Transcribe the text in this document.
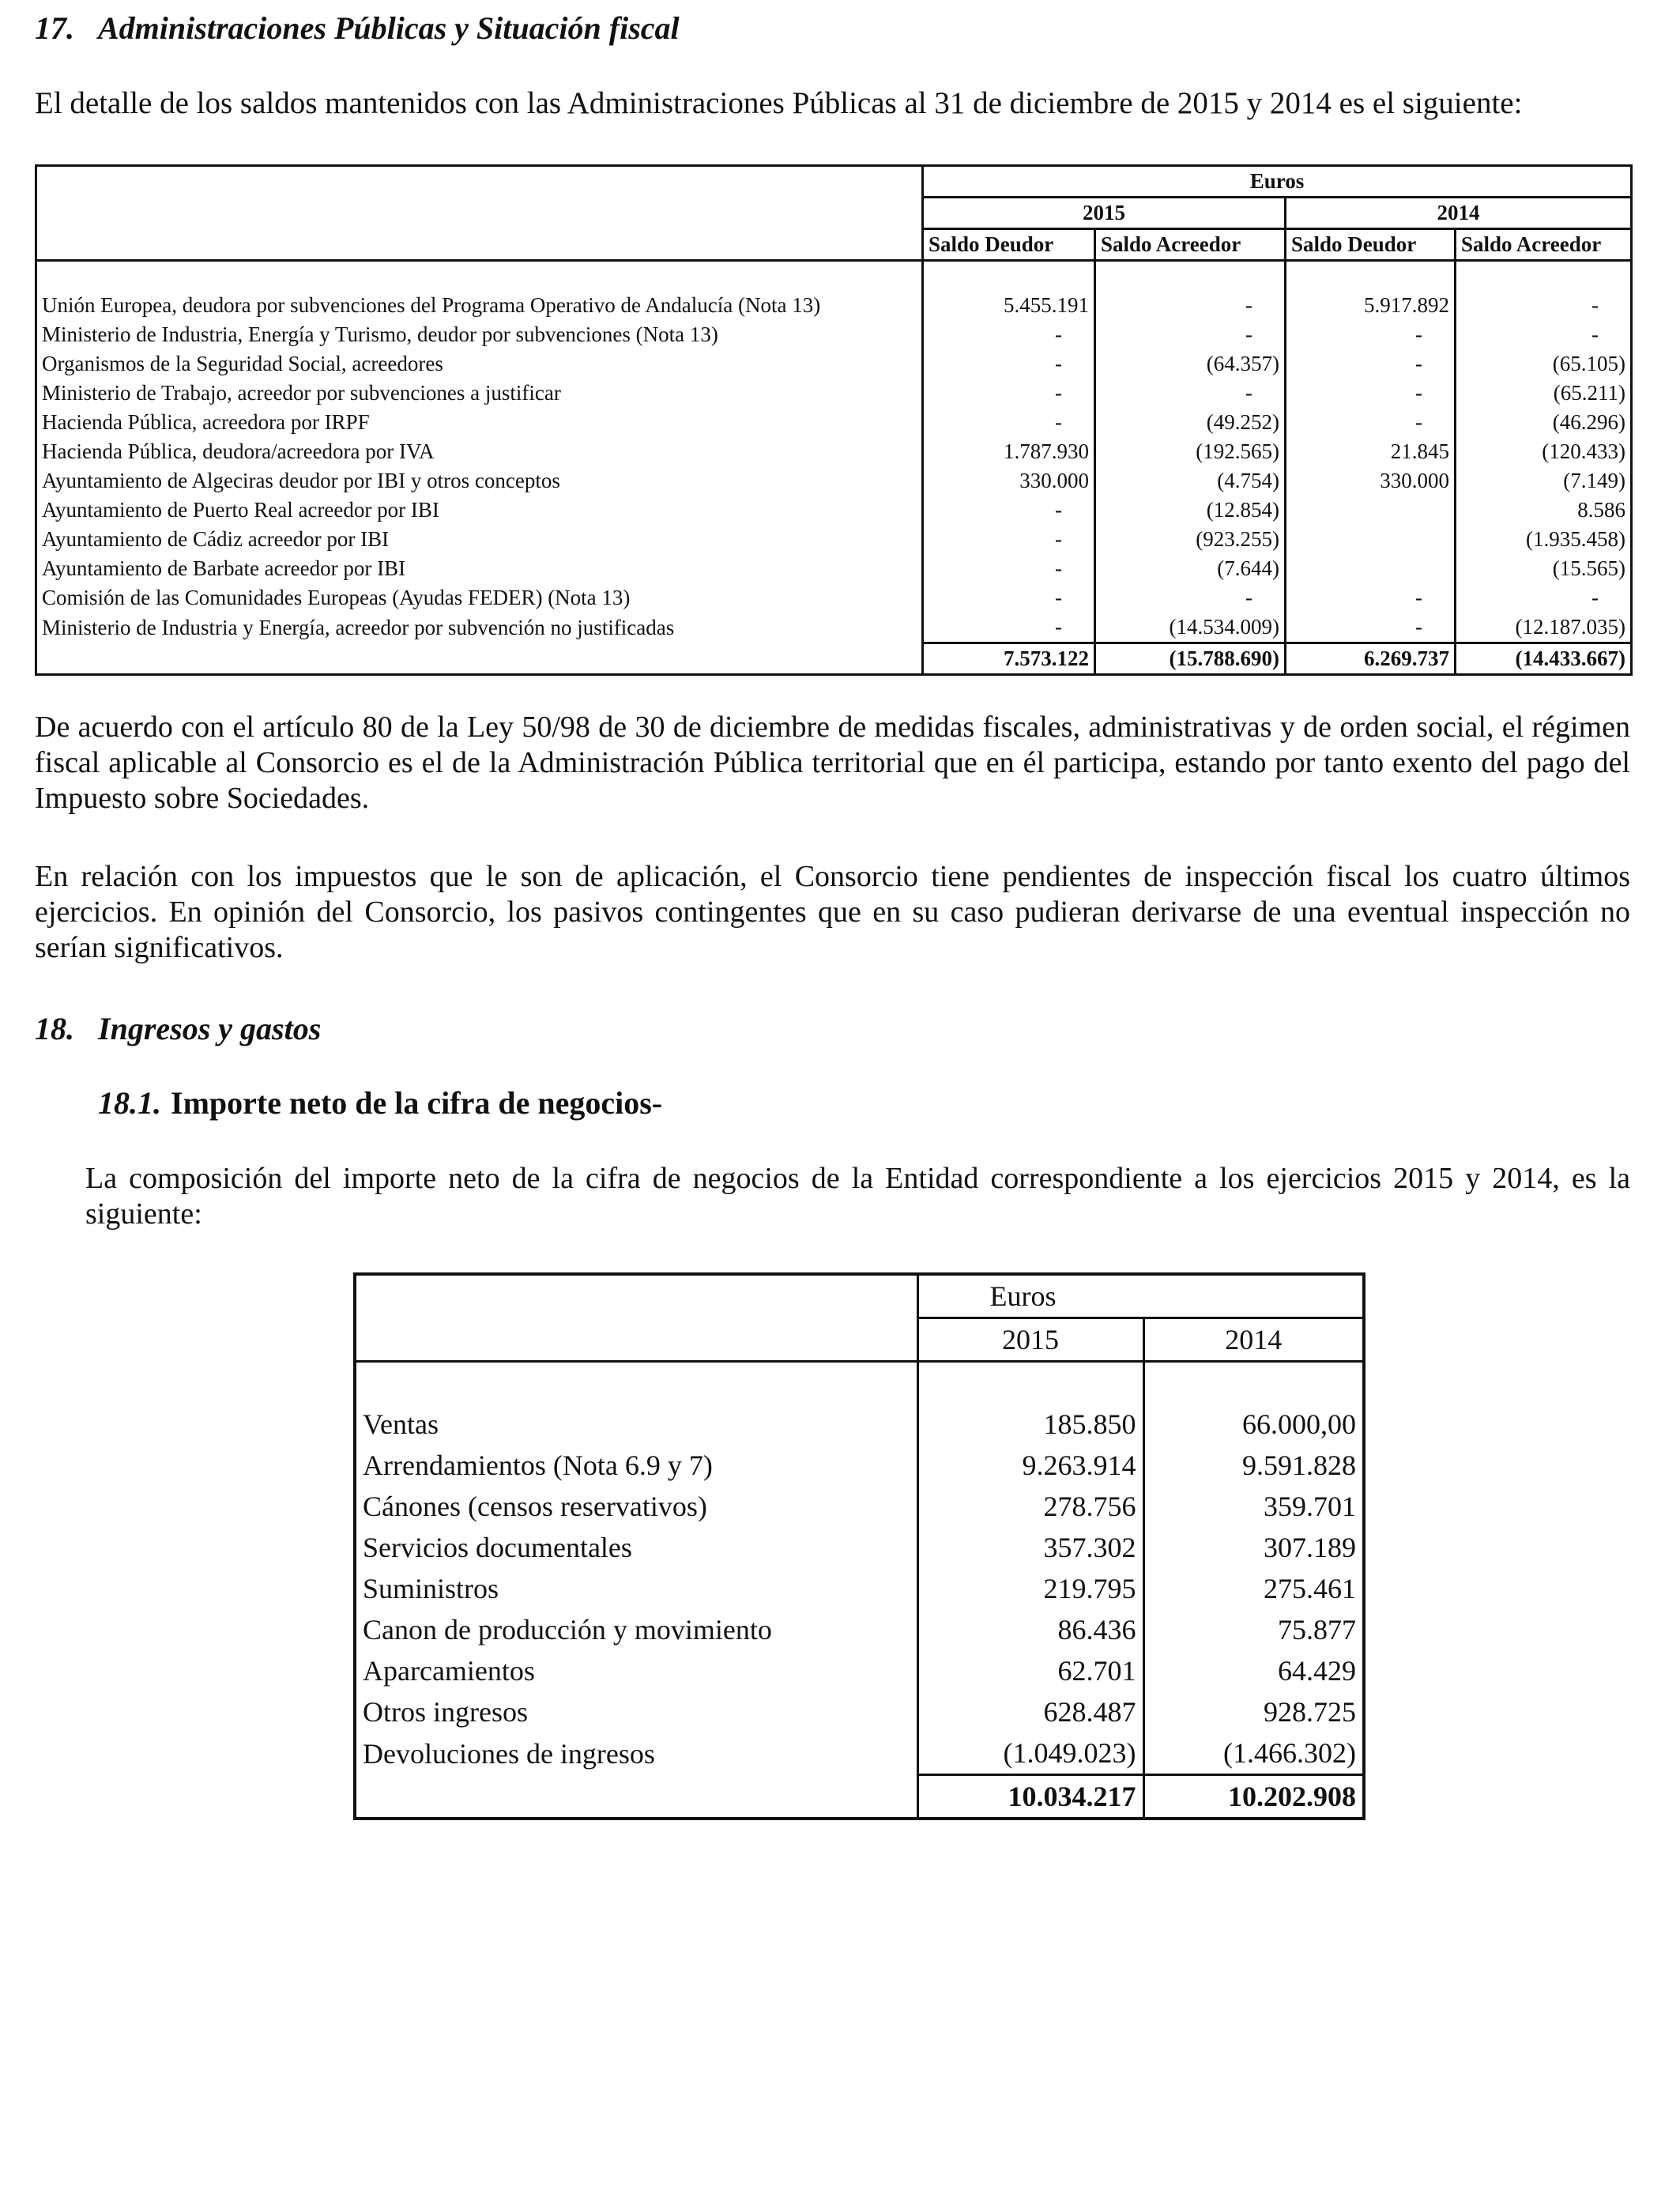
17. Administraciones Públicas y Situación fiscal
El detalle de los saldos mantenidos con las Administraciones Públicas al 31 de diciembre de 2015 y 2014 es el siguiente:
	Euros			
	2015		2014	
	Saldo Deudor	Saldo Acreedor	Saldo Deudor	Saldo Acreedor

Unión Europea, deudora por subvenciones del Programa Operativo de Andalucía (Nota 13)	5.455.191	-	5.917.892	-
Ministerio de Industria, Energía y Turismo, deudor por subvenciones (Nota 13)	-	-	-	-
Organismos de la Seguridad Social, acreedores	-	(64.357)	-	(65.105)
Ministerio de Trabajo, acreedor por subvenciones a justificar	-	-	-	(65.211)
Hacienda Pública, acreedora por IRPF	-	(49.252)	-	(46.296)
Hacienda Pública, deudora/acreedora por IVA	1.787.930	(192.565)	21.845	(120.433)
Ayuntamiento de Algeciras deudor por IBI y otros conceptos	330.000	(4.754)	330.000	(7.149)
Ayuntamiento de Puerto Real acreedor por IBI	-	(12.854)		8.586
Ayuntamiento de Cádiz acreedor por IBI	-	(923.255)		(1.935.458)
Ayuntamiento de Barbate acreedor por IBI	-	(7.644)		(15.565)
Comisión de las Comunidades Europeas (Ayudas FEDER) (Nota 13)	-	-	-	-
Ministerio de Industria y Energía, acreedor por subvención no justificadas	-	(14.534.009)	-	(12.187.035)
	7.573.122	(15.788.690)	6.269.737	(14.433.667)
De acuerdo con el artículo 80 de la Ley 50/98 de 30 de diciembre de medidas fiscales, administrativas y de orden social, el régimen fiscal aplicable al Consorcio es el de la Administración Pública territorial que en él participa, estando por tanto exento del pago del Impuesto sobre Sociedades.
En relación con los impuestos que le son de aplicación, el Consorcio tiene pendientes de inspección fiscal los cuatro últimos ejercicios. En opinión del Consorcio, los pasivos contingentes que en su caso pudieran derivarse de una eventual inspección no serían significativos.
18. Ingresos y gastos
18.1. Importe neto de la cifra de negocios-
La composición del importe neto de la cifra de negocios de la Entidad correspondiente a los ejercicios 2015 y 2014, es la siguiente:
	Euros	
	2015	2014

Ventas	185.850	66.000,00
Arrendamientos (Nota 6.9 y 7)	9.263.914	9.591.828
Cánones (censos reservativos)	278.756	359.701
Servicios documentales	357.302	307.189
Suministros	219.795	275.461
Canon de producción y movimiento	86.436	75.877
Aparcamientos	62.701	64.429
Otros ingresos	628.487	928.725
Devoluciones de ingresos	(1.049.023)	(1.466.302)
	10.034.217	10.202.908
